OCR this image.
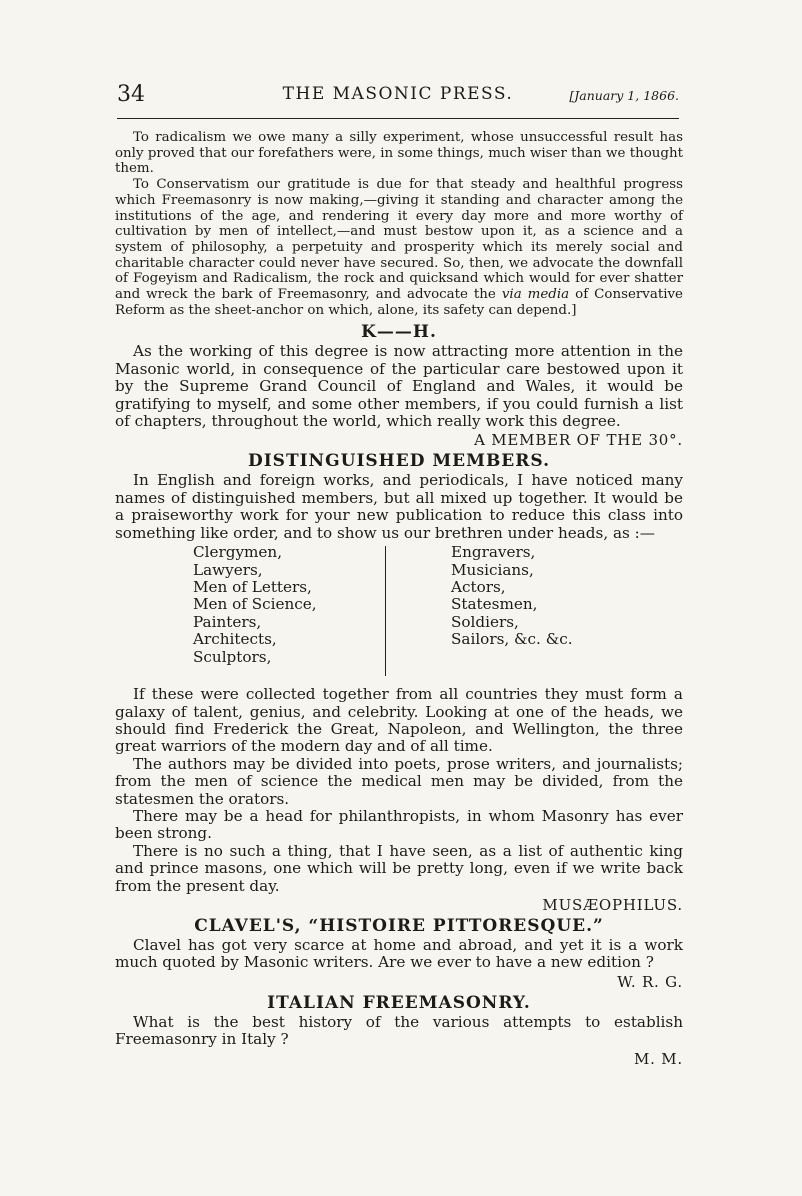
34	THE MASONIC PRESS.	[January 1, 1866.

To radicalism we owe many a silly experiment, whose unsuccessful result has only proved that our forefathers were, in some things, much wiser than we thought them.

To Conservatism our gratitude is due for that steady and healthful progress which Freemasonry is now making,—giving it standing and character among the institutions of the age, and rendering it every day more and more worthy of cultivation by men of intellect,—and must bestow upon it, as a science and a system of philosophy, a perpetuity and prosperity which its merely social and charitable character could never have secured. So, then, we advocate the downfall of Fogeyism and Radicalism, the rock and quicksand which would for ever shatter and wreck the bark of Freemasonry, and advocate the via media of Conservative Reform as the sheet-anchor on which, alone, its safety can depend.]

K——H.

As the working of this degree is now attracting more attention in the Masonic world, in consequence of the particular care bestowed upon it by the Supreme Grand Council of England and Wales, it would be gratifying to myself, and some other members, if you could furnish a list of chapters, throughout the world, which really work this degree.

A MEMBER OF THE 30°.

DISTINGUISHED MEMBERS.

In English and foreign works, and periodicals, I have noticed many names of distinguished members, but all mixed up together. It would be a praiseworthy work for your new publication to reduce this class into something like order, and to show us our brethren under heads, as :—

Clergymen,
Lawyers,
Men of Letters,
Men of Science,
Painters,
Architects,
Sculptors,
Engravers,
Musicians,
Actors,
Statesmen,
Soldiers,
Sailors, &c. &c.

If these were collected together from all countries they must form a galaxy of talent, genius, and celebrity. Looking at one of the heads, we should find Frederick the Great, Napoleon, and Wellington, the three great warriors of the modern day and of all time.

The authors may be divided into poets, prose writers, and journalists; from the men of science the medical men may be divided, from the statesmen the orators.

There may be a head for philanthropists, in whom Masonry has ever been strong.

There is no such a thing, that I have seen, as a list of authentic king and prince masons, one which will be pretty long, even if we write back from the present day.

MUSÆOPHILUS.

CLAVEL'S, “HISTOIRE PITTORESQUE.”

Clavel has got very scarce at home and abroad, and yet it is a work much quoted by Masonic writers. Are we ever to have a new edition ?

W. R. G.

ITALIAN FREEMASONRY.

What is the best history of the various attempts to establish Freemasonry in Italy ?

M. M.
